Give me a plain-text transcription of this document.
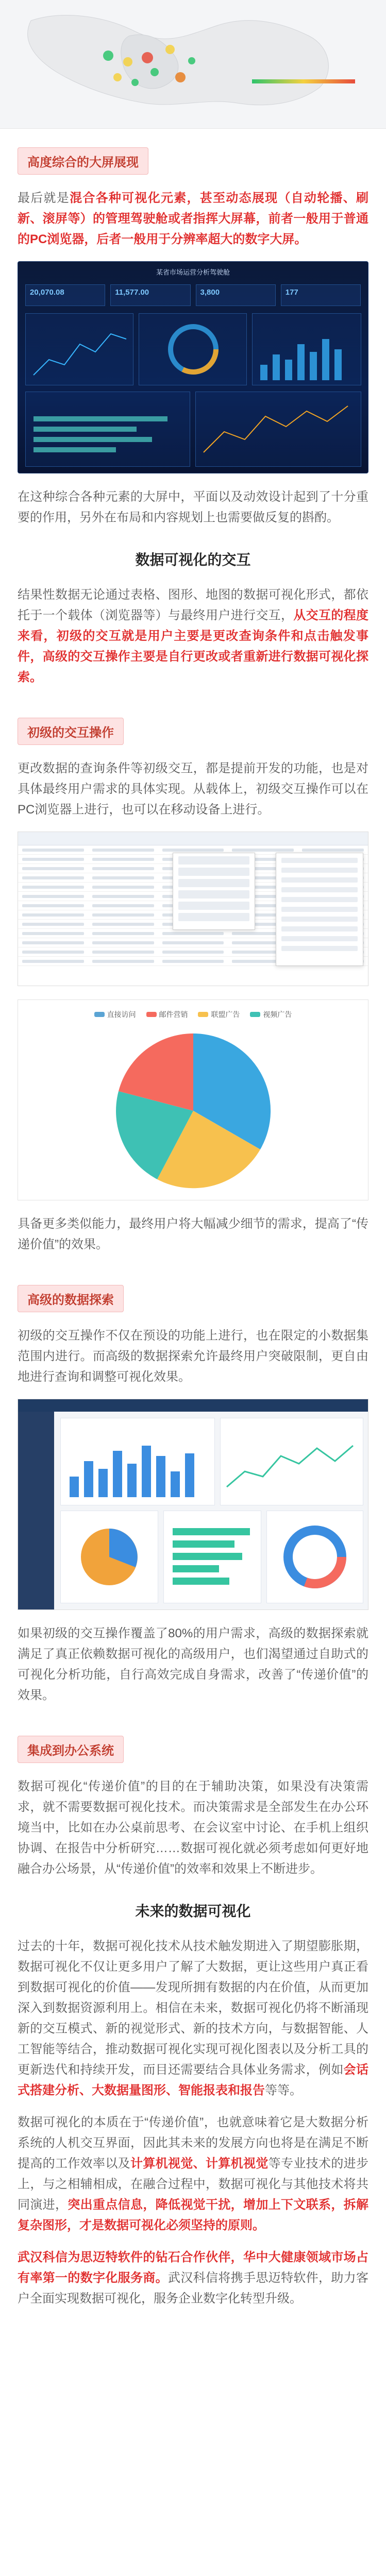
高度综合的大屏展现

最后就是混合各种可视化元素，甚至动态展现（自动轮播、刷新、滚屏等）的管理驾驶舱或者指挥大屏幕，前者一般用于普通的PC浏览器，后者一般用于分辨率超大的数字大屏。

某省市场运营分析驾驶舱
20,070.08	11,577.00	3,800	177

在这种综合各种元素的大屏中，平面以及动效设计起到了十分重要的作用，另外在布局和内容规划上也需要做反复的斟酌。

数据可视化的交互

结果性数据无论通过表格、图形、地图的数据可视化形式，都依托于一个载体（浏览器等）与最终用户进行交互，从交互的程度来看，初级的交互就是用户主要是更改查询条件和点击触发事件，高级的交互操作主要是自行更改或者重新进行数据可视化探索。

初级的交互操作

更改数据的查询条件等初级交互，都是提前开发的功能，也是对具体最终用户需求的具体实现。从载体上，初级交互操作可以在PC浏览器上进行，也可以在移动设备上进行。

直接访问
	邮件营销
	联盟广告
	视频广告

具备更多类似能力，最终用户将大幅减少细节的需求，提高了“传递价值”的效果。

高级的数据探索

初级的交互操作不仅在预设的功能上进行，也在限定的小数据集范围内进行。而高级的数据探索允许最终用户突破限制，更自由地进行查询和调整可视化效果。

如果初级的交互操作覆盖了80%的用户需求，高级的数据探索就满足了真正依赖数据可视化的高级用户，也们渴望通过自助式的可视化分析功能，自行高效完成自身需求，改善了“传递价值”的效果。

集成到办公系统

数据可视化“传递价值”的目的在于辅助决策，如果没有决策需求，就不需要数据可视化技术。而决策需求是全部发生在办公环境当中，比如在办公桌前思考、在会议室中讨论、在手机上组织协调、在报告中分析研究……数据可视化就必须考虑如何更好地融合办公场景，从“传递价值”的效率和效果上不断进步。

未来的数据可视化

过去的十年，数据可视化技术从技术触发期进入了期望膨胀期，数据可视化不仅让更多用户了解了大数据，更让这些用户真正看到数据可视化的价值——发现所拥有数据的内在价值，从而更加深入到数据资源利用上。相信在未来，数据可视化仍将不断涌现新的交互模式、新的视觉形式、新的技术方向，与数据智能、人工智能等结合，推动数据可视化实现可视化图表以及分析工具的更新迭代和持续开发，而目还需要结合具体业务需求，例如会话式搭建分析、大数据量图形、智能报表和报告等等。

数据可视化的本质在于“传递价值”，也就意味着它是大数据分析系统的人机交互界面，因此其未来的发展方向也将是在满足不断提高的工作效率以及计算机视觉、计算机视觉等专业技术的进步上，与之相辅相成，在融合过程中，数据可视化与其他技术将共同演进，突出重点信息，降低视觉干扰，增加上下文联系，拆解复杂图形，才是数据可视化必须坚持的原则。

武汉科信为思迈特软件的钻石合作伙伴，华中大健康领域市场占有率第一的数字化服务商。武汉科信将携手思迈特软件，助力客户全面实现数据可视化，服务企业数字化转型升级。
